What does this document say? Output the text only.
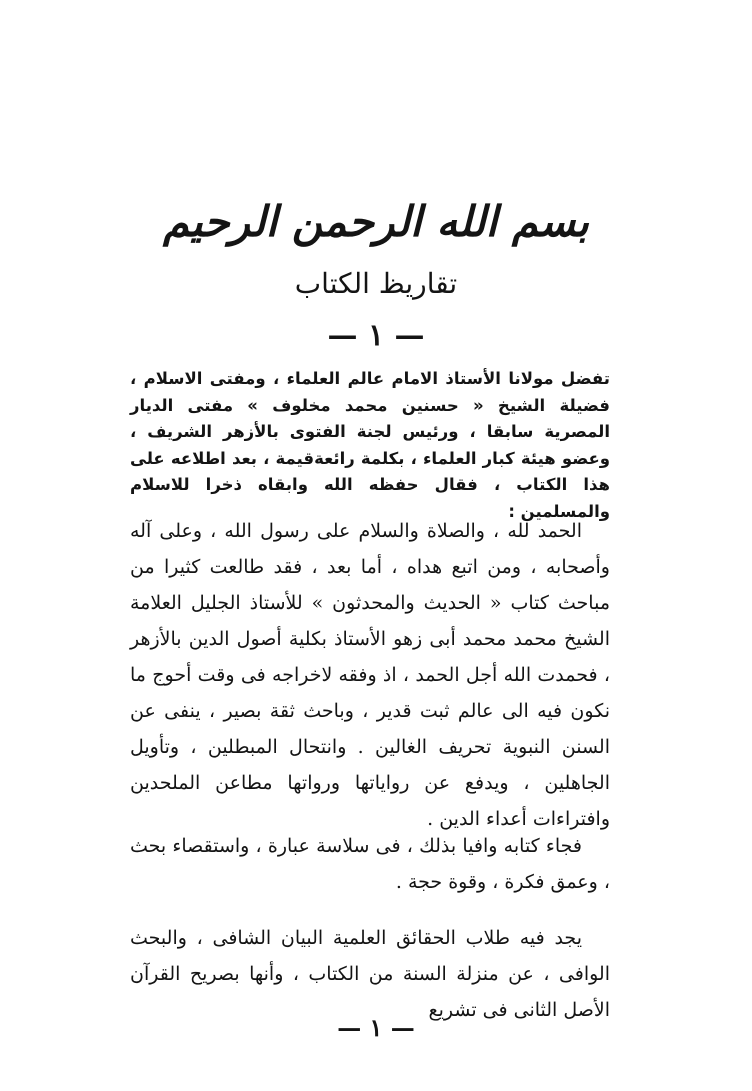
بسم الله الرحمن الرحيم
تقاريظ الكتاب
— ١ —
تفضل مولانا الأستاذ الامام عالم العلماء ، ومفتى الاسلام ، فضيلة الشيخ « حسنين محمد مخلوف » مفتى الديار المصرية سابقا ، ورئيس لجنة الفتوى بالأزهر الشريف ، وعضو هيئة كبار العلماء ، بكلمة رائعةقيمة ، بعد اطلاعه على هذا الكتاب ، فقال حفظه الله وابقاه ذخرا للاسلام والمسلمين :
الحمد لله ، والصلاة والسلام على رسول الله ، وعلى آله وأصحابه ، ومن اتبع هداه ، أما بعد ، فقد طالعت كثيرا من مباحث كتاب « الحديث والمحدثون » للأستاذ الجليل العلامة الشيخ محمد محمد أبى زهو الأستاذ بكلية أصول الدين بالأزهر ، فحمدت الله أجل الحمد ، اذ وفقه لاخراجه فى وقت أحوج ما نكون فيه الى عالم ثبت قدير ، وباحث ثقة بصير ، ينفى عن السنن النبوية تحريف الغالين . وانتحال المبطلين ، وتأويل الجاهلين ، ويدفع عن رواياتها ورواتها مطاعن الملحدين وافتراءات أعداء الدين .
فجاء كتابه وافيا بذلك ، فى سلاسة عبارة ، واستقصاء بحث ، وعمق فكرة ، وقوة حجة .
يجد فيه طلاب الحقائق العلمية البيان الشافى ، والبحث الوافى ، عن منزلة السنة من الكتاب ، وأنها بصريح القرآن الأصل الثانى فى تشريع
— ١ —
